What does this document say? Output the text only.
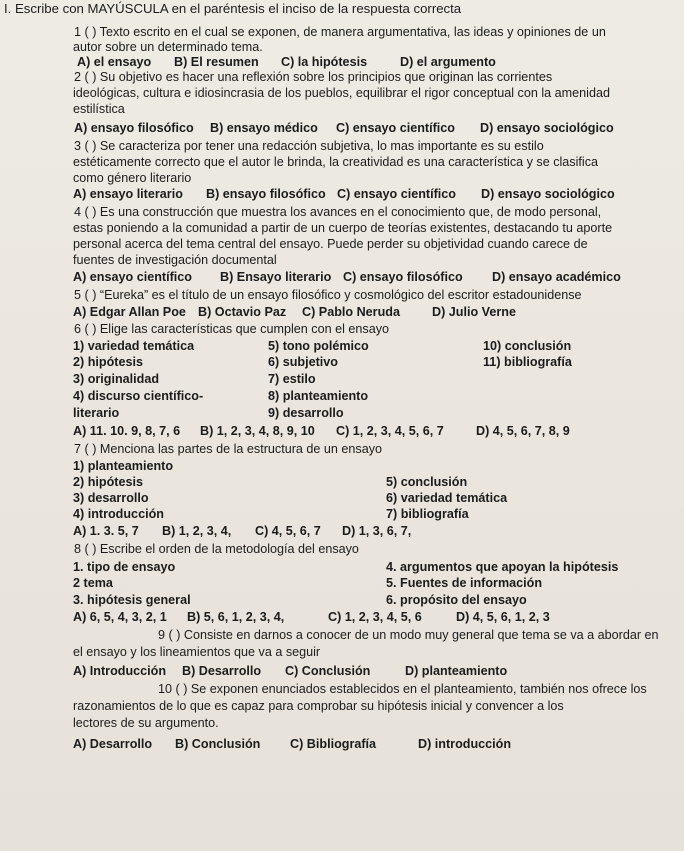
I. Escribe con MAYÚSCULA en el paréntesis el inciso de la respuesta correcta
1 ( ) Texto escrito en el cual se exponen, de manera argumentativa, las ideas y opiniones de un
autor sobre un determinado tema.
A) el ensayo B) El resumen C) la hipótesis	D) el argumento
2 ( ) Su objetivo es hacer una reflexión sobre los principios que originan las corrientes
ideológicas, cultura e idiosincrasia de los pueblos, equilibrar el rigor conceptual con la amenidad
estilística
A) ensayo filosófico B) ensayo médico C) ensayo científico D) ensayo sociológico
3 ( ) Se caracteriza por tener una redacción subjetiva, lo mas importante es su estilo
estéticamente correcto que el autor le brinda, la creatividad es una característica y se clasifica
como género literario
A) ensayo literario B) ensayo filosófico C) ensayo científico D) ensayo sociológico
4 ( ) Es una construcción que muestra los avances en el conocimiento que, de modo personal,
estas poniendo a la comunidad a partir de un cuerpo de teorías existentes, destacando tu aporte
personal acerca del tema central del ensayo. Puede perder su objetividad cuando carece de
fuentes de investigación documental
A) ensayo científico B) Ensayo literario C) ensayo filosófico D) ensayo académico
5 ( ) “Eureka” es el título de un ensayo filosófico y cosmológico del escritor estadounidense
A) Edgar Allan Poe B) Octavio Paz C) Pablo Neruda	D) Julio Verne
6 ( ) Elige las características que cumplen con el ensayo
1) variedad temática
2) hipótesis
3) originalidad
4) discurso científico-
literario
5) tono polémico
6) subjetivo
7) estilo
8) planteamiento
9) desarrollo
10) conclusión
11) bibliografía
A) 11. 10. 9, 8, 7, 6 B) 1, 2, 3, 4, 8, 9, 10 C) 1, 2, 3, 4, 5, 6, 7	D) 4, 5, 6, 7, 8, 9
7 ( ) Menciona las partes de la estructura de un ensayo
1) planteamiento
2) hipótesis
3) desarrollo
4) introducción
5) conclusión
6) variedad temática
7) bibliografía
A) 1. 3. 5, 7 B) 1, 2, 3, 4, C) 4, 5, 6, 7 D) 1, 3, 6, 7,
8 ( ) Escribe el orden de la metodología del ensayo
1. tipo de ensayo
2 tema
3. hipótesis general
4. argumentos que apoyan la hipótesis
5. Fuentes de información
6. propósito del ensayo
A) 6, 5, 4, 3, 2, 1 B) 5, 6, 1, 2, 3, 4,	C) 1, 2, 3, 4, 5, 6	D) 4, 5, 6, 1, 2, 3
9 ( ) Consiste en darnos a conocer de un modo muy general que tema se va a abordar en
el ensayo y los lineamientos que va a seguir
A) Introducción B) Desarrollo C) Conclusión	D) planteamiento
10 ( ) Se exponen enunciados establecidos en el planteamiento, también nos ofrece los
razonamientos de lo que es capaz para comprobar su hipótesis inicial y convencer a los
lectores de su argumento.
A) Desarrollo B) Conclusión C) Bibliografía	D) introducción
